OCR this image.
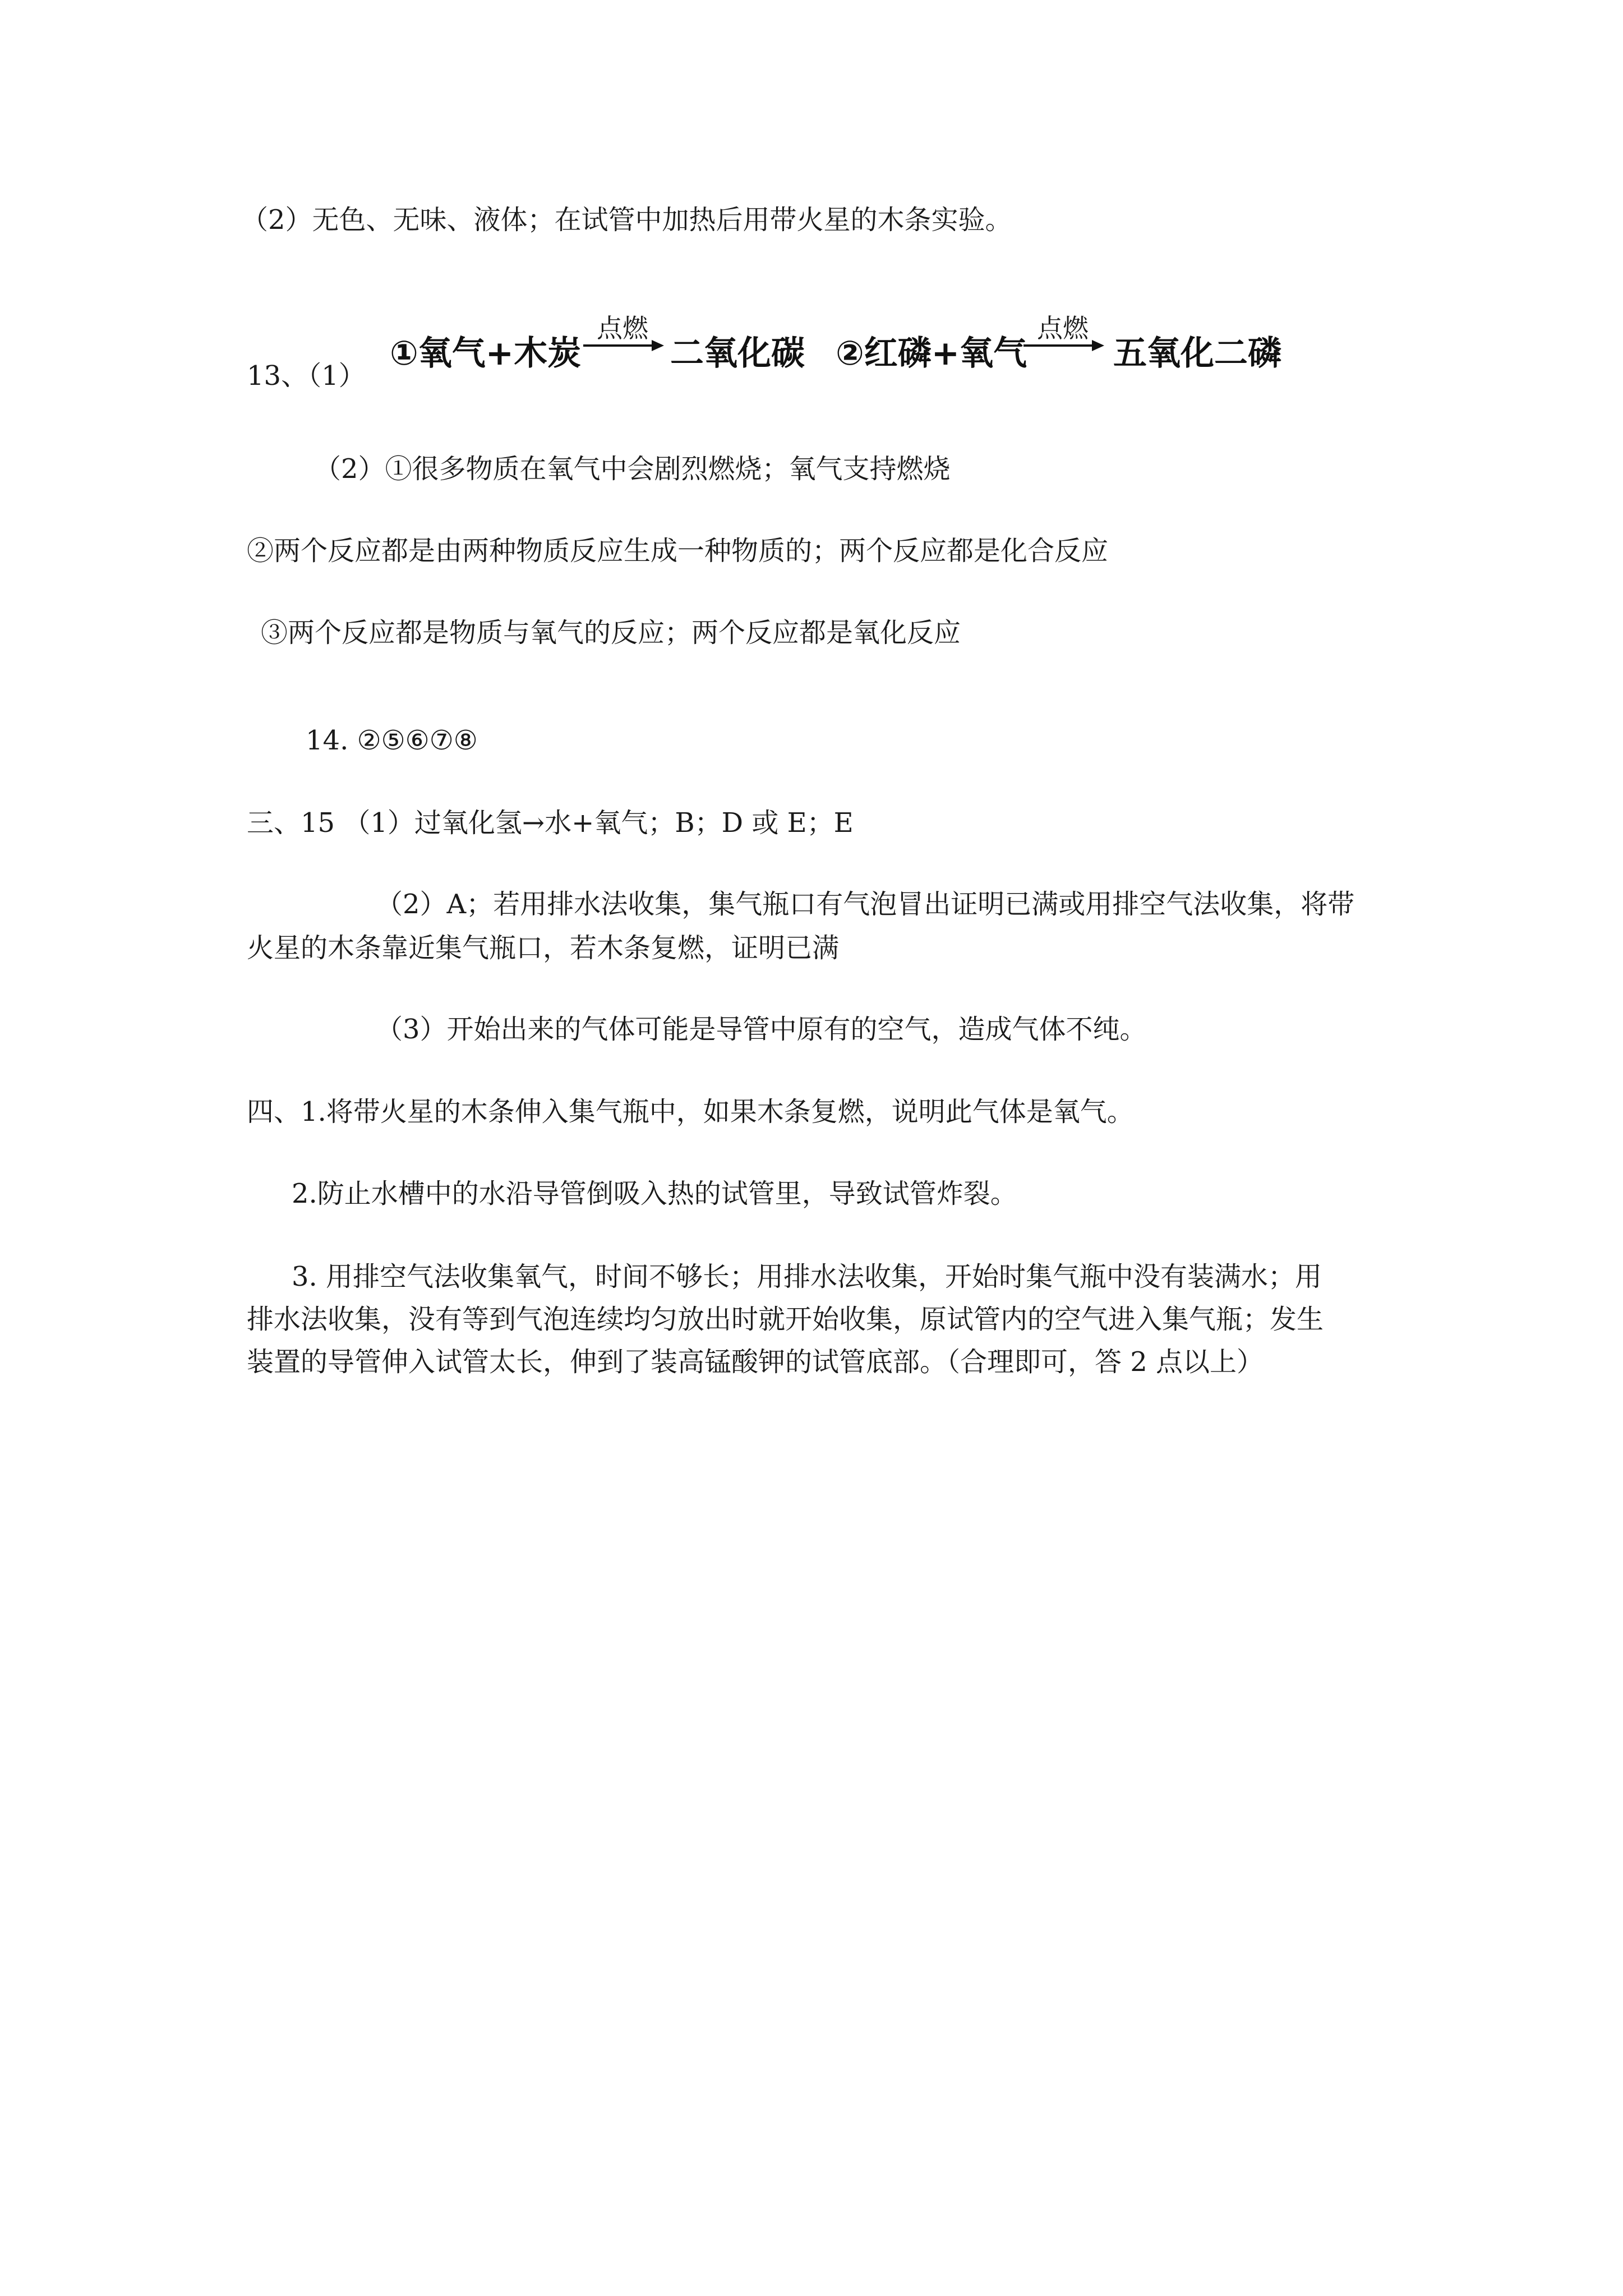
（2）无色、无味、液体；在试管中加热后用带火星的木条实验。
13、（1）
①氧气+木炭
点燃
二氧化碳 ②红磷+氧气
点燃
五氧化二磷
（2）①很多物质在氧气中会剧烈燃烧；氧气支持燃烧
②两个反应都是由两种物质反应生成一种物质的；两个反应都是化合反应
③两个反应都是物质与氧气的反应；两个反应都是氧化反应
14. ②⑤⑥⑦⑧
三、15 （1）过氧化氢→水+氧气；B；D 或 E；E
（2）A；若用排水法收集，集气瓶口有气泡冒出证明已满或用排空气法收集，将带
火星的木条靠近集气瓶口，若木条复燃，证明已满
（3）开始出来的气体可能是导管中原有的空气，造成气体不纯。
四、1.将带火星的木条伸入集气瓶中，如果木条复燃，说明此气体是氧气。
2.防止水槽中的水沿导管倒吸入热的试管里，导致试管炸裂。
3. 用排空气法收集氧气，时间不够长；用排水法收集，开始时集气瓶中没有装满水；用
排水法收集，没有等到气泡连续均匀放出时就开始收集，原试管内的空气进入集气瓶；发生
装置的导管伸入试管太长，伸到了装高锰酸钾的试管底部。（合理即可，答 2 点以上）
